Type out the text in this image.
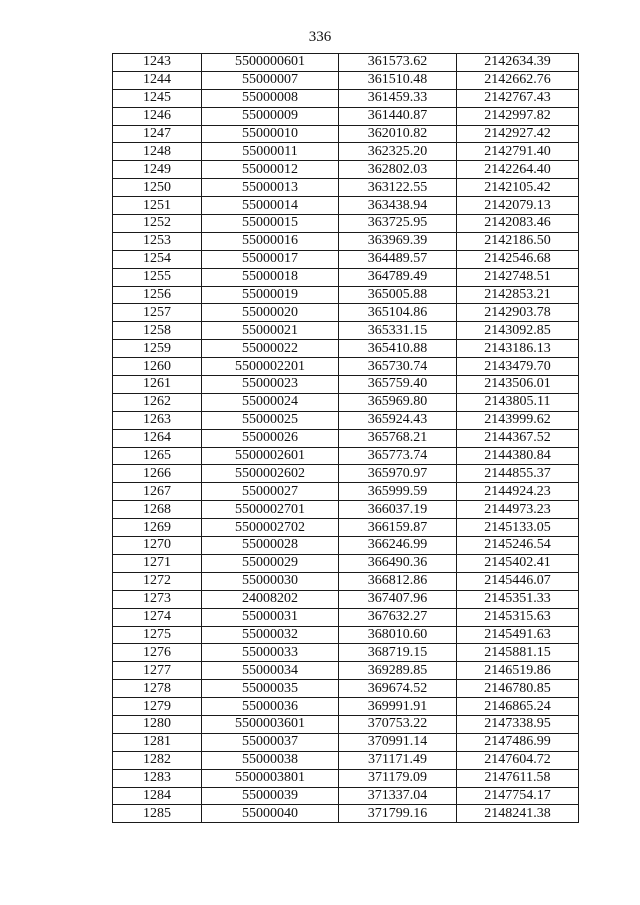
336
1243	5500000601	361573.62	2142634.39
1244	55000007	361510.48	2142662.76
1245	55000008	361459.33	2142767.43
1246	55000009	361440.87	2142997.82
1247	55000010	362010.82	2142927.42
1248	55000011	362325.20	2142791.40
1249	55000012	362802.03	2142264.40
1250	55000013	363122.55	2142105.42
1251	55000014	363438.94	2142079.13
1252	55000015	363725.95	2142083.46
1253	55000016	363969.39	2142186.50
1254	55000017	364489.57	2142546.68
1255	55000018	364789.49	2142748.51
1256	55000019	365005.88	2142853.21
1257	55000020	365104.86	2142903.78
1258	55000021	365331.15	2143092.85
1259	55000022	365410.88	2143186.13
1260	5500002201	365730.74	2143479.70
1261	55000023	365759.40	2143506.01
1262	55000024	365969.80	2143805.11
1263	55000025	365924.43	2143999.62
1264	55000026	365768.21	2144367.52
1265	5500002601	365773.74	2144380.84
1266	5500002602	365970.97	2144855.37
1267	55000027	365999.59	2144924.23
1268	5500002701	366037.19	2144973.23
1269	5500002702	366159.87	2145133.05
1270	55000028	366246.99	2145246.54
1271	55000029	366490.36	2145402.41
1272	55000030	366812.86	2145446.07
1273	24008202	367407.96	2145351.33
1274	55000031	367632.27	2145315.63
1275	55000032	368010.60	2145491.63
1276	55000033	368719.15	2145881.15
1277	55000034	369289.85	2146519.86
1278	55000035	369674.52	2146780.85
1279	55000036	369991.91	2146865.24
1280	5500003601	370753.22	2147338.95
1281	55000037	370991.14	2147486.99
1282	55000038	371171.49	2147604.72
1283	5500003801	371179.09	2147611.58
1284	55000039	371337.04	2147754.17
1285	55000040	371799.16	2148241.38
